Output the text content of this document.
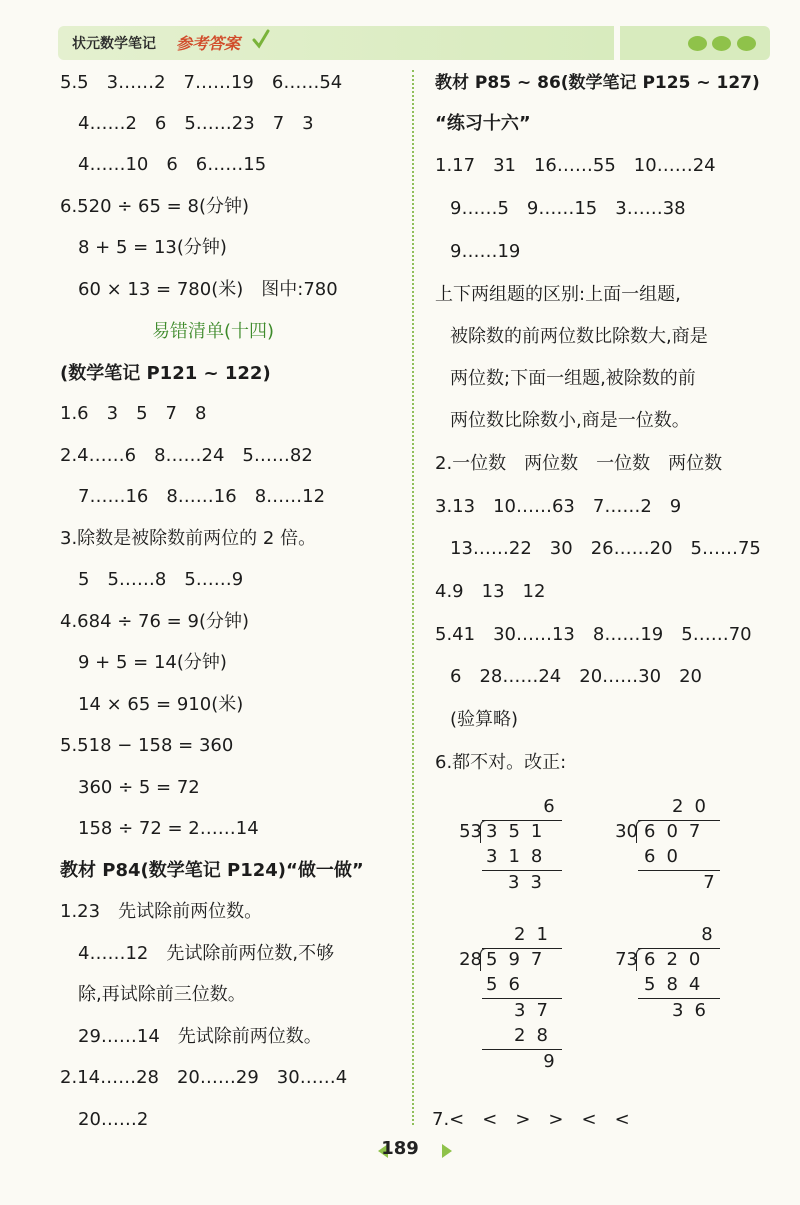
状元数学笔记 参考答案
5.5　3……2　7……19　6……54
4……2　6　5……23　7　3
4……10　6　6……15
6.520 ÷ 65 = 8(分钟)
8 + 5 = 13(分钟)
60 × 13 = 780(米)　图中:780
易错清单(十四)
(数学笔记 P121 ~ 122)
1.6　3　5　7　8
2.4……6　8……24　5……82
7……16　8……16　8……12
3.除数是被除数前两位的 2 倍。
5　5……8　5……9
4.684 ÷ 76 = 9(分钟)
9 + 5 = 14(分钟)
14 × 65 = 910(米)
5.518 − 158 = 360
360 ÷ 5 = 72
158 ÷ 72 = 2……14
教材 P84(数学笔记 P124)“做一做”
1.23　先试除前两位数。
4……12　先试除前两位数,不够
除,再试除前三位数。
29……14　先试除前两位数。
2.14……28　20……29　30……4
20……2
教材 P85 ~ 86(数学笔记 P125 ~ 127)
“练习十六”
1.17　31　16……55　10……24
9……5　9……15　3……38
9……19
上下两组题的区别:上面一组题,
被除数的前两位数比除数大,商是
两位数;下面一组题,被除数的前
两位数比除数小,商是一位数。
2.一位数　两位数　一位数　两位数
3.13　10……63　7……2　9
13……22　30　26……20　5……75
4.9　13　12
5.41　30……13　8……19　5……70
6　28……24　20……30　20
(验算略)
6.都不对。改正:
6
53 351
318
33
20
30 607
60
7
21
28 597
56
37
28
9
8
73 620
584
36
7.<　<　>　>　<　<
189
